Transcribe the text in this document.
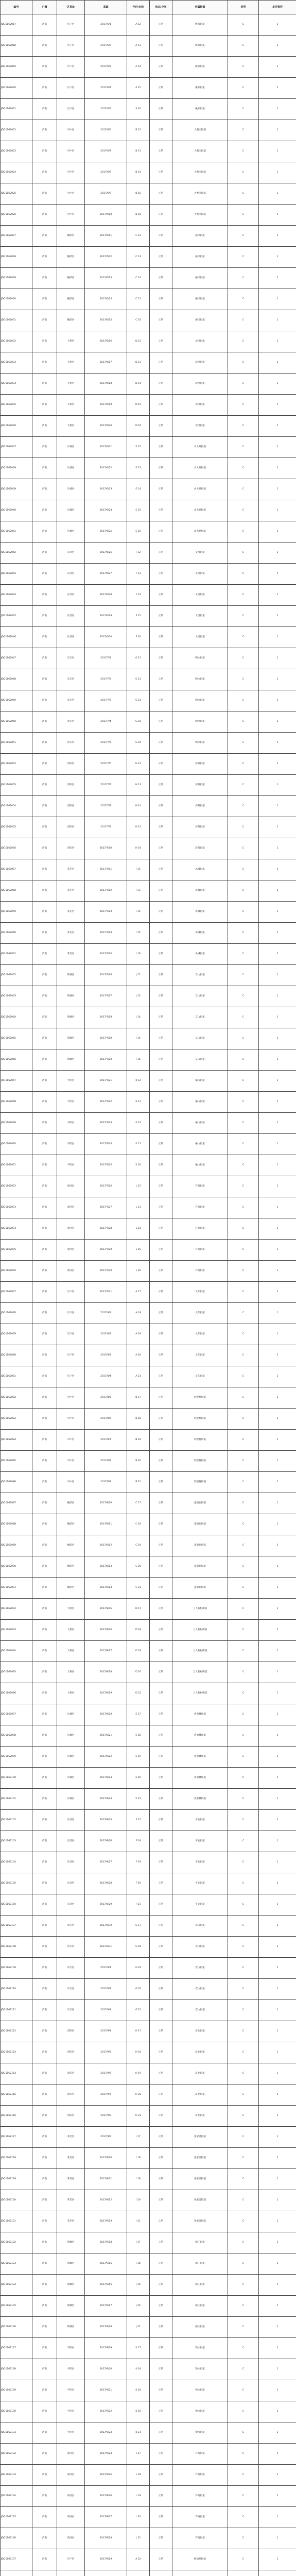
编号	户籍	区县址	基础	年份/台阶	状态/分类	所属街道	类型	是否推荐
JDG1162017	济南	历下区	2017/6/1	A 12	正常	姚家街道	C	1
JDG1162018	济南	历下区	2017/6/2	A 13	正常	姚家街道	C	1
JDG1162019	济南	历下区	2017/6/3	A 14	正常	姚家街道	C	1
JDG1162020	济南	历下区	2017/6/4	A 15	正常	姚家街道	C	1
JDG1162021	济南	历下区	2017/6/5	A 16	正常	姚家街道	C	1
JDG1162022	济南	市中区	2017/6/6	B 12	正常	大观园街道	C	1
JDG1162023	济南	市中区	2017/6/7	B 13	正常	大观园街道	C	1
JDG1162024	济南	市中区	2017/6/8	B 14	正常	大观园街道	C	1
JDG1162025	济南	市中区	2017/6/9	B 15	正常	大观园街道	C	1
JDG1162026	济南	市中区	2017/6/10	B 16	正常	大观园街道	C	1
JDG1162027	济南	槐荫区	2017/6/11	C 12	正常	振兴街道	C	1
JDG1162028	济南	槐荫区	2017/6/12	C 13	正常	振兴街道	C	1
JDG1162029	济南	槐荫区	2017/6/13	C 14	正常	振兴街道	C	1
JDG1162030	济南	槐荫区	2017/6/14	C 15	正常	振兴街道	C	1
JDG1162031	济南	槐荫区	2017/6/15	C 16	正常	振兴街道	C	1
JDG1162032	济南	天桥区	2017/6/16	D 12	正常	北坦街道	C	1
JDG1162033	济南	天桥区	2017/6/17	D 13	正常	北坦街道	C	1
JDG1162034	济南	天桥区	2017/6/18	D 14	正常	北坦街道	C	1
JDG1162035	济南	天桥区	2017/6/19	D 15	正常	北坦街道	C	1
JDG1162036	济南	天桥区	2017/6/20	D 16	正常	北坦街道	C	1
JDG1162037	济南	历城区	2017/6/21	E 12	正常	山大路街道	C	1
JDG1162038	济南	历城区	2017/6/22	E 13	正常	山大路街道	C	1
JDG1162039	济南	历城区	2017/6/23	E 14	正常	山大路街道	C	1
JDG1162040	济南	历城区	2017/6/24	E 15	正常	山大路街道	C	1
JDG1162041	济南	历城区	2017/6/25	E 16	正常	山大路街道	C	1
JDG1162042	济南	长清区	2017/6/26	F 12	正常	文昌街道	C	1
JDG1162043	济南	长清区	2017/6/27	F 13	正常	文昌街道	C	1
JDG1162044	济南	长清区	2017/6/28	F 14	正常	文昌街道	C	1
JDG1162045	济南	长清区	2017/6/29	F 15	正常	文昌街道	C	1
JDG1162046	济南	长清区	2017/6/30	F 16	正常	文昌街道	C	1
JDG1162047	济南	章丘区	2017/7/1	G 12	正常	明水街道	C	1
JDG1162048	济南	章丘区	2017/7/2	G 13	正常	明水街道	C	1
JDG1162049	济南	章丘区	2017/7/3	G 14	正常	明水街道	C	1
JDG1162050	济南	章丘区	2017/7/4	G 15	正常	明水街道	C	1
JDG1162051	济南	章丘区	2017/7/5	G 16	正常	明水街道	C	1
JDG1162052	济南	济阳区	2017/7/6	H 12	正常	济阳街道	C	1
JDG1162053	济南	济阳区	2017/7/7	H 13	正常	济阳街道	C	1
JDG1162054	济南	济阳区	2017/7/8	H 14	正常	济阳街道	C	1
JDG1162055	济南	济阳区	2017/7/9	H 15	正常	济阳街道	C	1
JDG1162056	济南	济阳区	2017/7/10	H 16	正常	济阳街道	C	1
JDG1162057	济南	莱芜区	2017/7/11	I 12	正常	凤城街道	C	1
JDG1162058	济南	莱芜区	2017/7/12	I 13	正常	凤城街道	C	1
JDG1162059	济南	莱芜区	2017/7/13	I 14	正常	凤城街道	C	1
JDG1162060	济南	莱芜区	2017/7/14	I 15	正常	凤城街道	C	1
JDG1162061	济南	莱芜区	2017/7/15	I 16	正常	凤城街道	C	1
JDG1162062	济南	钢城区	2017/7/16	J 12	正常	艾山街道	C	1
JDG1162063	济南	钢城区	2017/7/17	J 13	正常	艾山街道	C	1
JDG1162064	济南	钢城区	2017/7/18	J 14	正常	艾山街道	C	1
JDG1162065	济南	钢城区	2017/7/19	J 15	正常	艾山街道	C	1
JDG1162066	济南	钢城区	2017/7/20	J 16	正常	艾山街道	C	1
JDG1162067	济南	平阴县	2017/7/21	K 12	正常	榆山街道	C	1
JDG1162068	济南	平阴县	2017/7/22	K 13	正常	榆山街道	C	1
JDG1162069	济南	平阴县	2017/7/23	K 14	正常	榆山街道	C	1
JDG1162070	济南	平阴县	2017/7/24	K 15	正常	榆山街道	C	1
JDG1162071	济南	平阴县	2017/7/25	K 16	正常	榆山街道	C	1
JDG1162072	济南	商河县	2017/7/26	L 12	正常	许商街道	C	1
JDG1162073	济南	商河县	2017/7/27	L 13	正常	许商街道	C	1
JDG1162074	济南	商河县	2017/7/28	L 14	正常	许商街道	C	1
JDG1162075	济南	商河县	2017/7/29	L 15	正常	许商街道	C	1
JDG1162076	济南	商河县	2017/7/30	L 16	正常	许商街道	C	1
JDG1162077	济南	历下区	2017/7/31	A 17	正常	文东街道	C	1
JDG1162078	济南	历下区	2017/8/1	A 18	正常	文东街道	C	1
JDG1162079	济南	历下区	2017/8/2	A 19	正常	文东街道	C	1
JDG1162080	济南	历下区	2017/8/3	A 20	正常	文东街道	C	1
JDG1162081	济南	历下区	2017/8/4	A 21	正常	文东街道	C	1
JDG1162082	济南	市中区	2017/8/5	B 17	正常	四里村街道	C	1
JDG1162083	济南	市中区	2017/8/6	B 18	正常	四里村街道	C	1
JDG1162084	济南	市中区	2017/8/7	B 19	正常	四里村街道	C	1
JDG1162085	济南	市中区	2017/8/8	B 20	正常	四里村街道	C	1
JDG1162086	济南	市中区	2017/8/9	B 21	正常	四里村街道	C	1
JDG1162087	济南	槐荫区	2017/8/10	C 17	正常	道德街街道	C	1
JDG1162088	济南	槐荫区	2017/8/11	C 18	正常	道德街街道	C	1
JDG1162089	济南	槐荫区	2017/8/12	C 19	正常	道德街街道	C	1
JDG1162090	济南	槐荫区	2017/8/13	C 20	正常	道德街街道	C	1
JDG1162091	济南	槐荫区	2017/8/14	C 21	正常	道德街街道	C	1
JDG1162092	济南	天桥区	2017/8/15	D 17	正常	工人新村街道	C	1
JDG1162093	济南	天桥区	2017/8/16	D 18	正常	工人新村街道	C	1
JDG1162094	济南	天桥区	2017/8/17	D 19	正常	工人新村街道	C	1
JDG1162095	济南	天桥区	2017/8/18	D 20	正常	工人新村街道	C	1
JDG1162096	济南	天桥区	2017/8/19	D 21	正常	工人新村街道	C	1
JDG1162097	济南	历城区	2017/8/20	E 17	正常	洪家楼街道	C	1
JDG1162098	济南	历城区	2017/8/21	E 18	正常	洪家楼街道	C	1
JDG1162099	济南	历城区	2017/8/22	E 19	正常	洪家楼街道	C	1
JDG1162100	济南	历城区	2017/8/23	E 20	正常	洪家楼街道	C	1
JDG1162101	济南	历城区	2017/8/24	E 21	正常	洪家楼街道	C	1
JDG1162102	济南	长清区	2017/8/25	F 17	正常	平安街道	C	1
JDG1162103	济南	长清区	2017/8/26	F 18	正常	平安街道	C	1
JDG1162104	济南	长清区	2017/8/27	F 19	正常	平安街道	C	1
JDG1162105	济南	长清区	2017/8/28	F 20	正常	平安街道	C	1
JDG1162106	济南	长清区	2017/8/29	F 21	正常	平安街道	C	1
JDG1162107	济南	章丘区	2017/8/30	G 17	正常	双山街道	C	1
JDG1162108	济南	章丘区	2017/8/31	G 18	正常	双山街道	C	1
JDG1162109	济南	章丘区	2017/9/1	G 19	正常	双山街道	C	1
JDG1162110	济南	章丘区	2017/9/2	G 20	正常	双山街道	C	1
JDG1162111	济南	章丘区	2017/9/3	G 21	正常	双山街道	C	1
JDG1162112	济南	济阳区	2017/9/4	H 17	正常	济北街道	C	1
JDG1162113	济南	济阳区	2017/9/5	H 18	正常	济北街道	C	1
JDG1162114	济南	济阳区	2017/9/6	H 19	正常	济北街道	C	1
JDG1162115	济南	济阳区	2017/9/7	H 20	正常	济北街道	C	1
JDG1162116	济南	济阳区	2017/9/8	H 21	正常	济北街道	C	1
JDG1162117	济南	莱芜区	2017/9/9	I 17	正常	张家洼街道	C	1
JDG1162118	济南	莱芜区	2017/9/10	I 18	正常	张家洼街道	C	1
JDG1162119	济南	莱芜区	2017/9/11	I 19	正常	张家洼街道	C	1
JDG1162120	济南	莱芜区	2017/9/12	I 20	正常	张家洼街道	C	1
JDG1162121	济南	莱芜区	2017/9/13	I 21	正常	张家洼街道	C	1
JDG1162122	济南	钢城区	2017/9/14	J 17	正常	颜庄街道	C	1
JDG1162123	济南	钢城区	2017/9/15	J 18	正常	颜庄街道	C	1
JDG1162124	济南	钢城区	2017/9/16	J 19	正常	颜庄街道	C	1
JDG1162125	济南	钢城区	2017/9/17	J 20	正常	颜庄街道	C	1
JDG1162126	济南	钢城区	2017/9/18	J 21	正常	颜庄街道	C	1
JDG1162127	济南	平阴县	2017/9/19	K 17	正常	锦水街道	C	1
JDG1162128	济南	平阴县	2017/9/20	K 18	正常	锦水街道	C	1
JDG1162129	济南	平阴县	2017/9/21	K 19	正常	锦水街道	C	1
JDG1162130	济南	平阴县	2017/9/22	K 20	正常	锦水街道	C	1
JDG1162131	济南	平阴县	2017/9/23	K 21	正常	锦水街道	C	1
JDG1162132	济南	商河县	2017/9/24	L 17	正常	许商街道	C	1
JDG1162133	济南	商河县	2017/9/25	L 18	正常	许商街道	C	1
JDG1162134	济南	商河县	2017/9/26	L 19	正常	许商街道	C	1
JDG1162135	济南	商河县	2017/9/27	L 20	正常	许商街道	C	1
JDG1162136	济南	商河县	2017/9/28	L 21	正常	许商街道	C	1
JDG1162137	济南	历下区	2017/9/29	A 22	正常	解放路街道	C	1
